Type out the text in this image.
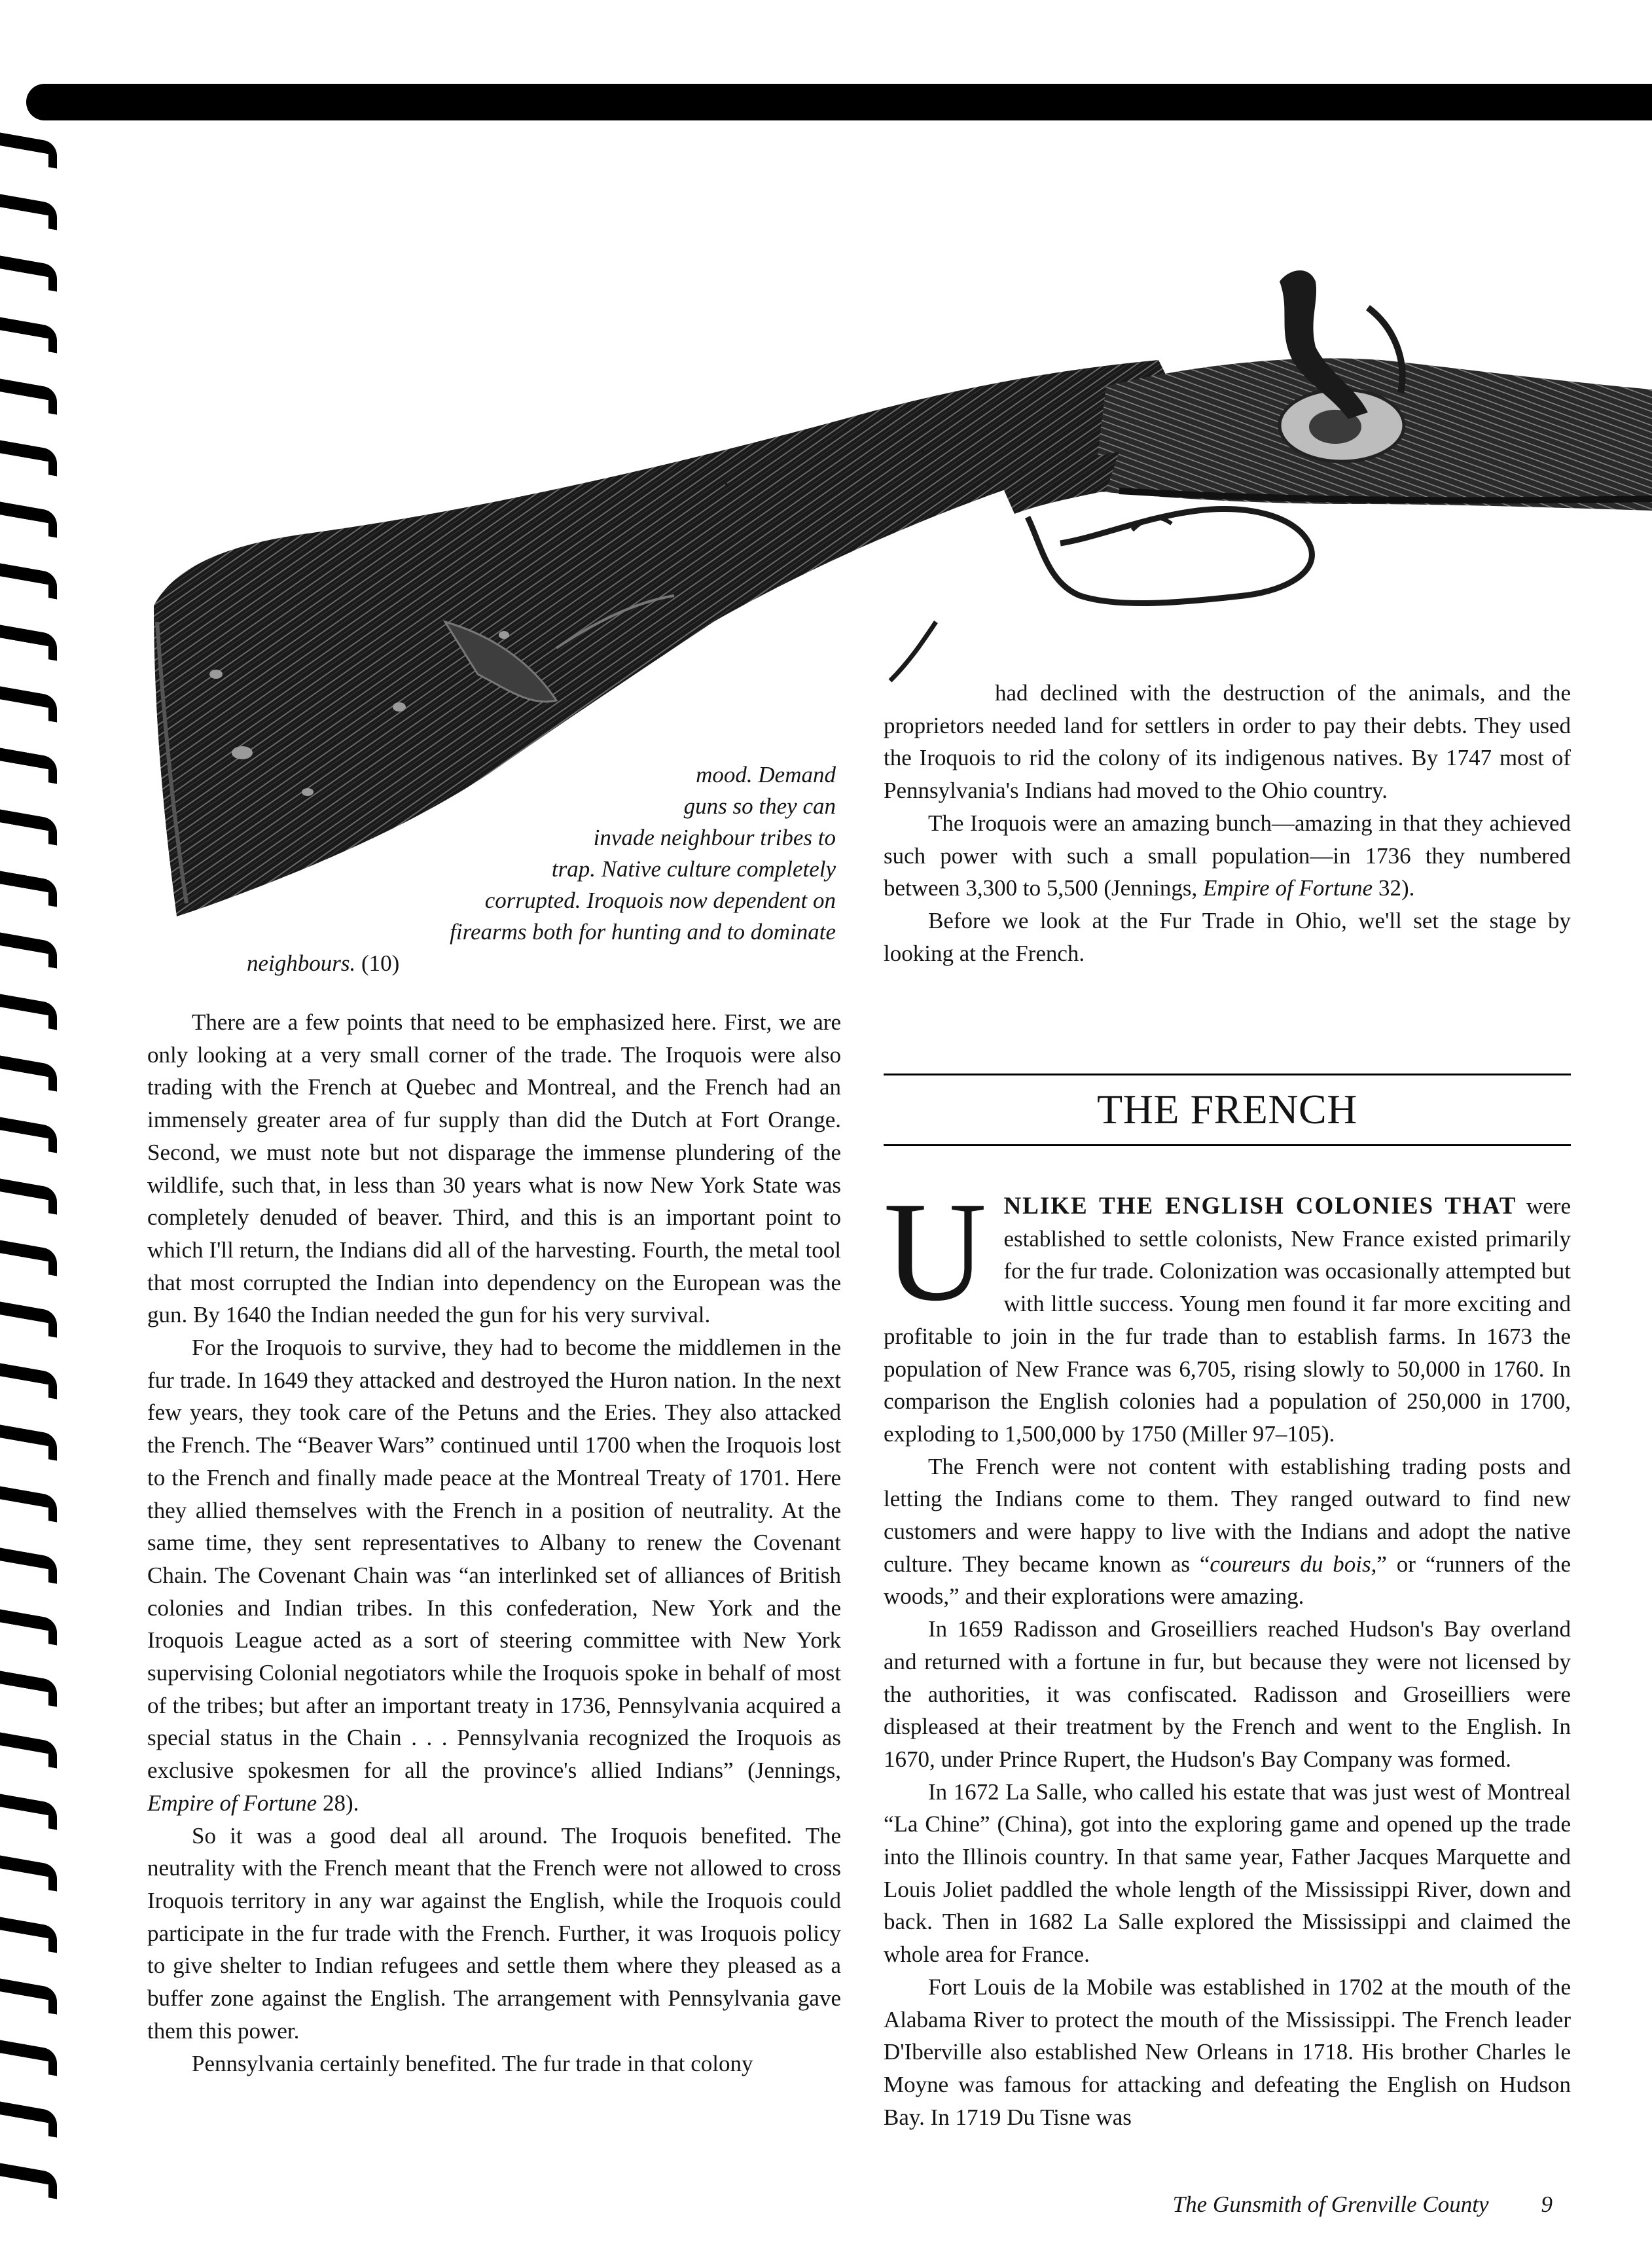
mood. Demand

guns so they can

invade neighbour tribes to

trap. Native culture completely

corrupted. Iroquois now dependent on

firearms both for hunting and to dominate

neighbours. (10)

There are a few points that need to be emphasized here. First, we are only looking at a very small corner of the trade. The Iroquois were also trading with the French at Quebec and Montreal, and the French had an immensely greater area of fur supply than did the Dutch at Fort Orange. Second, we must note but not disparage the immense plundering of the wildlife, such that, in less than 30 years what is now New York State was completely denuded of beaver. Third, and this is an important point to which I'll return, the Indians did all of the harvesting. Fourth, the metal tool that most corrupted the Indian into dependency on the European was the gun. By 1640 the Indian needed the gun for his very survival.

For the Iroquois to survive, they had to become the middlemen in the fur trade. In 1649 they attacked and destroyed the Huron nation. In the next few years, they took care of the Petuns and the Eries. They also attacked the French. The “Beaver Wars” continued until 1700 when the Iroquois lost to the French and finally made peace at the Montreal Treaty of 1701. Here they allied themselves with the French in a position of neutrality. At the same time, they sent representatives to Albany to renew the Covenant Chain. The Covenant Chain was “an interlinked set of alliances of British colonies and Indian tribes. In this confederation, New York and the Iroquois League acted as a sort of steering committee with New York supervising Colonial negotiators while the Iroquois spoke in behalf of most of the tribes; but after an important treaty in 1736, Pennsylvania acquired a special status in the Chain . . . Pennsylvania recognized the Iroquois as exclusive spokesmen for all the province's allied Indians” (Jennings, Empire of Fortune 28).

So it was a good deal all around. The Iroquois benefited. The neutrality with the French meant that the French were not allowed to cross Iroquois territory in any war against the English, while the Iroquois could participate in the fur trade with the French. Further, it was Iroquois policy to give shelter to Indian refugees and settle them where they pleased as a buffer zone against the English. The arrangement with Pennsylvania gave them this power.

Pennsylvania certainly benefited. The fur trade in that colony

had declined with the destruction of the animals, and the proprietors needed land for settlers in order to pay their debts. They used the Iroquois to rid the colony of its indigenous natives. By 1747 most of Pennsylvania's Indians had moved to the Ohio country.

The Iroquois were an amazing bunch—amazing in that they achieved such power with such a small population—in 1736 they numbered between 3,300 to 5,500 (Jennings, Empire of Fortune 32).

Before we look at the Fur Trade in Ohio, we'll set the stage by looking at the French.

THE FRENCH

UNLIKE THE ENGLISH COLONIES THAT were established to settle colonists, New France existed primarily for the fur trade. Colonization was occasionally attempted but with little success. Young men found it far more exciting and profitable to join in the fur trade than to establish farms. In 1673 the population of New France was 6,705, rising slowly to 50,000 in 1760. In comparison the English colonies had a population of 250,000 in 1700, exploding to 1,500,000 by 1750 (Miller 97–105).

The French were not content with establishing trading posts and letting the Indians come to them. They ranged outward to find new customers and were happy to live with the Indians and adopt the native culture. They became known as “coureurs du bois,” or “runners of the woods,” and their explorations were amazing.

In 1659 Radisson and Groseilliers reached Hudson's Bay overland and returned with a fortune in fur, but because they were not licensed by the authorities, it was confiscated. Radisson and Groseilliers were displeased at their treatment by the French and went to the English. In 1670, under Prince Rupert, the Hudson's Bay Company was formed.

In 1672 La Salle, who called his estate that was just west of Montreal “La Chine” (China), got into the exploring game and opened up the trade into the Illinois country. In that same year, Father Jacques Marquette and Louis Joliet paddled the whole length of the Mississippi River, down and back. Then in 1682 La Salle explored the Mississippi and claimed the whole area for France.

Fort Louis de la Mobile was established in 1702 at the mouth of the Alabama River to protect the mouth of the Mississippi. The French leader D'Iberville also established New Orleans in 1718. His brother Charles le Moyne was famous for attacking and defeating the English on Hudson Bay. In 1719 Du Tisne was

The Gunsmith of Grenville County 9
